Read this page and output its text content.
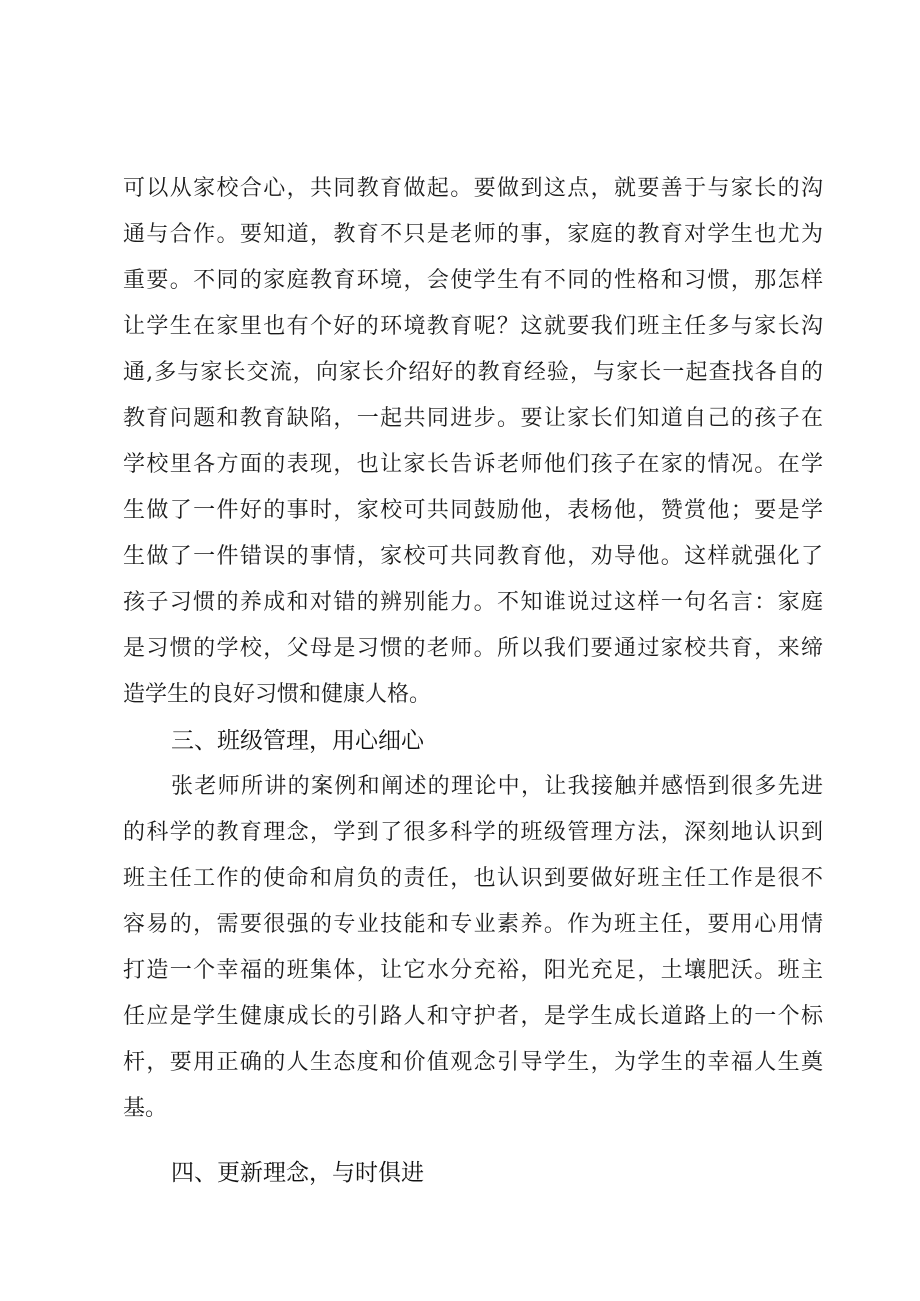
可以从家校合心，共同教育做起。要做到这点，就要善于与家长的沟
通与合作。要知道，教育不只是老师的事，家庭的教育对学生也尤为
重要。不同的家庭教育环境，会使学生有不同的性格和习惯，那怎样
让学生在家里也有个好的环境教育呢？这就要我们班主任多与家长沟
通,多与家长交流，向家长介绍好的教育经验，与家长一起查找各自的
教育问题和教育缺陷，一起共同进步。要让家长们知道自己的孩子在
学校里各方面的表现，也让家长告诉老师他们孩子在家的情况。在学
生做了一件好的事时，家校可共同鼓励他，表杨他，赞赏他；要是学
生做了一件错误的事情，家校可共同教育他，劝导他。这样就强化了
孩子习惯的养成和对错的辨别能力。不知谁说过这样一句名言：家庭
是习惯的学校，父母是习惯的老师。所以我们要通过家校共育，来缔
造学生的良好习惯和健康人格。
三、班级管理，用心细心
张老师所讲的案例和阐述的理论中，让我接触并感悟到很多先进
的科学的教育理念，学到了很多科学的班级管理方法，深刻地认识到
班主任工作的使命和肩负的责任，也认识到要做好班主任工作是很不
容易的，需要很强的专业技能和专业素养。作为班主任，要用心用情
打造一个幸福的班集体，让它水分充裕，阳光充足，土壤肥沃。班主
任应是学生健康成长的引路人和守护者，是学生成长道路上的一个标
杆，要用正确的人生态度和价值观念引导学生，为学生的幸福人生奠
基。
四、更新理念，与时俱进
